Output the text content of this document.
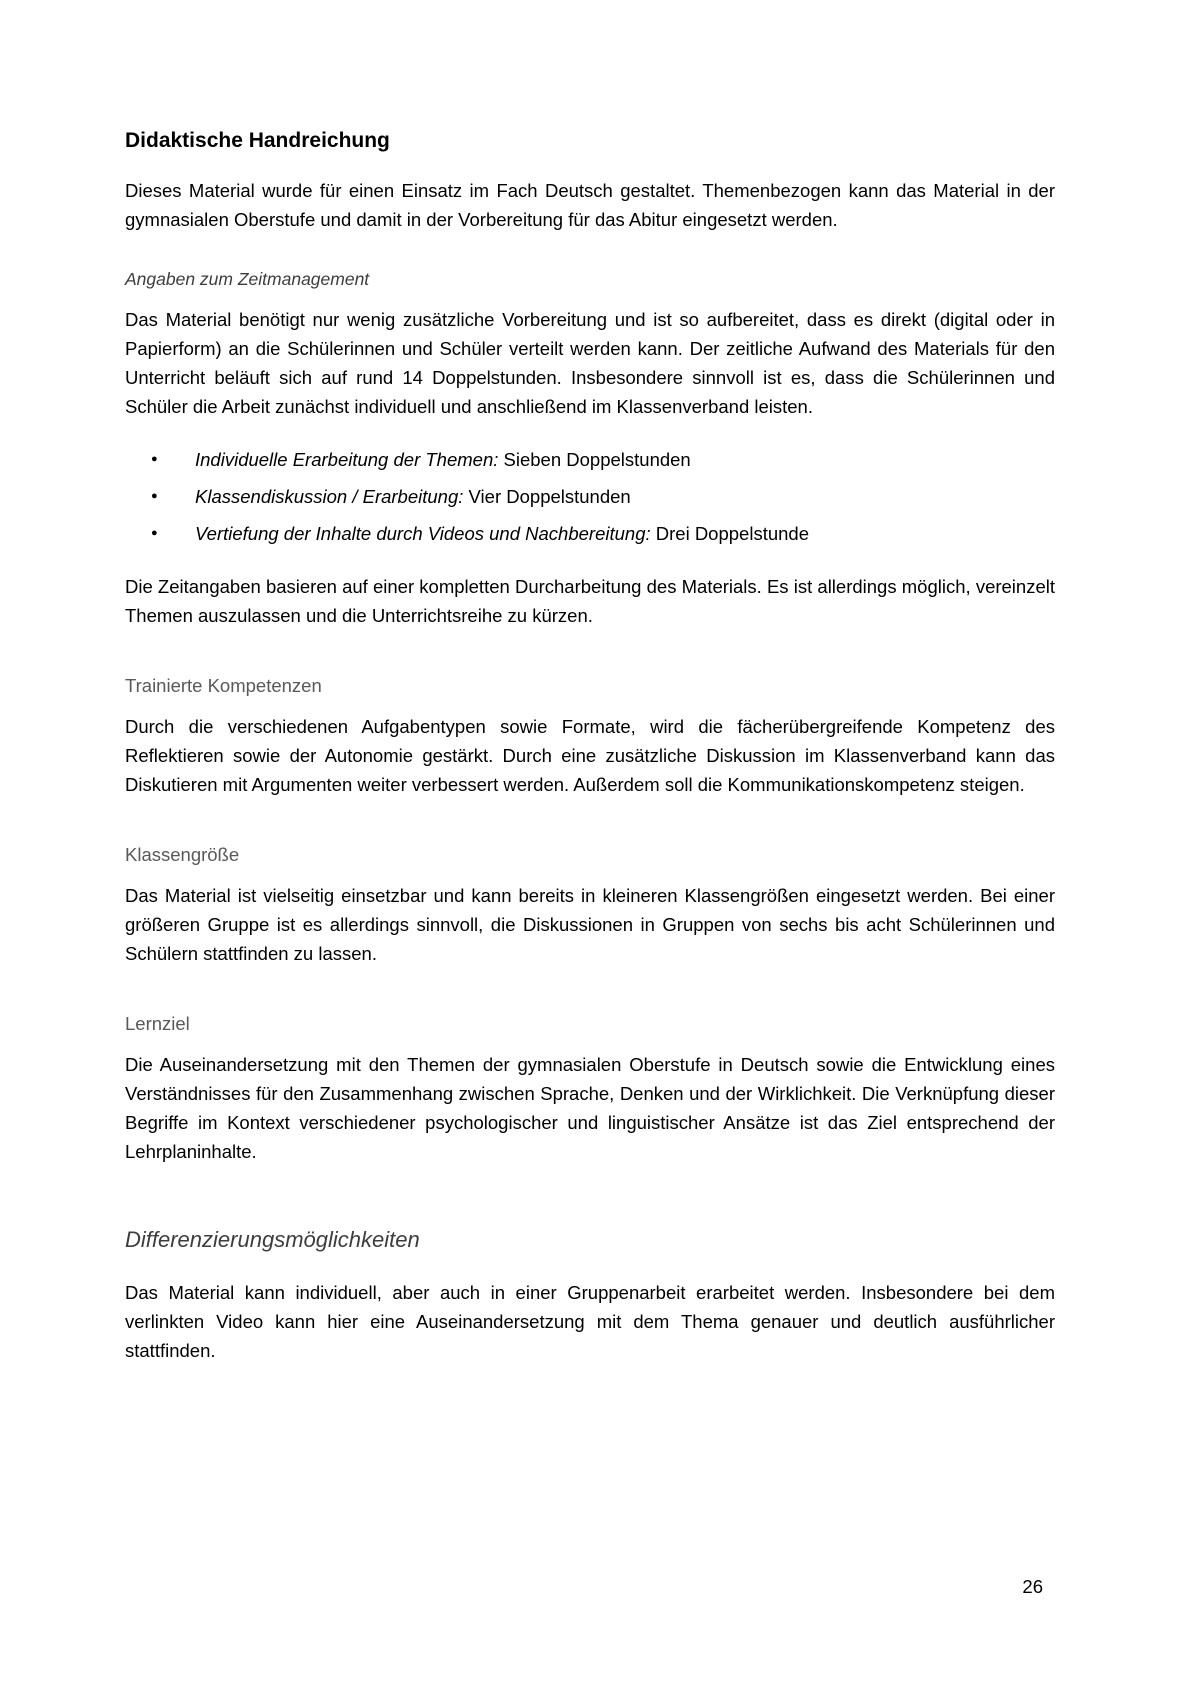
Didaktische Handreichung

Dieses Material wurde für einen Einsatz im Fach Deutsch gestaltet. Themenbezogen kann das Material in der gymnasialen Oberstufe und damit in der Vorbereitung für das Abitur eingesetzt werden.

Angaben zum Zeitmanagement

Das Material benötigt nur wenig zusätzliche Vorbereitung und ist so aufbereitet, dass es direkt (digital oder in Papierform) an die Schülerinnen und Schüler verteilt werden kann. Der zeitliche Aufwand des Materials für den Unterricht beläuft sich auf rund 14 Doppelstunden. Insbesondere sinnvoll ist es, dass die Schülerinnen und Schüler die Arbeit zunächst individuell und anschließend im Klassenverband leisten.

● Individuelle Erarbeitung der Themen: Sieben Doppelstunden
● Klassendiskussion / Erarbeitung: Vier Doppelstunden
● Vertiefung der Inhalte durch Videos und Nachbereitung: Drei Doppelstunde

Die Zeitangaben basieren auf einer kompletten Durcharbeitung des Materials. Es ist allerdings möglich, vereinzelt Themen auszulassen und die Unterrichtsreihe zu kürzen.

Trainierte Kompetenzen

Durch die verschiedenen Aufgabentypen sowie Formate, wird die fächerübergreifende Kompetenz des Reflektieren sowie der Autonomie gestärkt. Durch eine zusätzliche Diskussion im Klassenverband kann das Diskutieren mit Argumenten weiter verbessert werden. Außerdem soll die Kommunikationskompetenz steigen.

Klassengröße

Das Material ist vielseitig einsetzbar und kann bereits in kleineren Klassengrößen eingesetzt werden. Bei einer größeren Gruppe ist es allerdings sinnvoll, die Diskussionen in Gruppen von sechs bis acht Schülerinnen und Schülern stattfinden zu lassen.

Lernziel

Die Auseinandersetzung mit den Themen der gymnasialen Oberstufe in Deutsch sowie die Entwicklung eines Verständnisses für den Zusammenhang zwischen Sprache, Denken und der Wirklichkeit. Die Verknüpfung dieser Begriffe im Kontext verschiedener psychologischer und linguistischer Ansätze ist das Ziel entsprechend der Lehrplaninhalte.

Differenzierungsmöglichkeiten

Das Material kann individuell, aber auch in einer Gruppenarbeit erarbeitet werden. Insbesondere bei dem verlinkten Video kann hier eine Auseinandersetzung mit dem Thema genauer und deutlich ausführlicher stattfinden.

26
